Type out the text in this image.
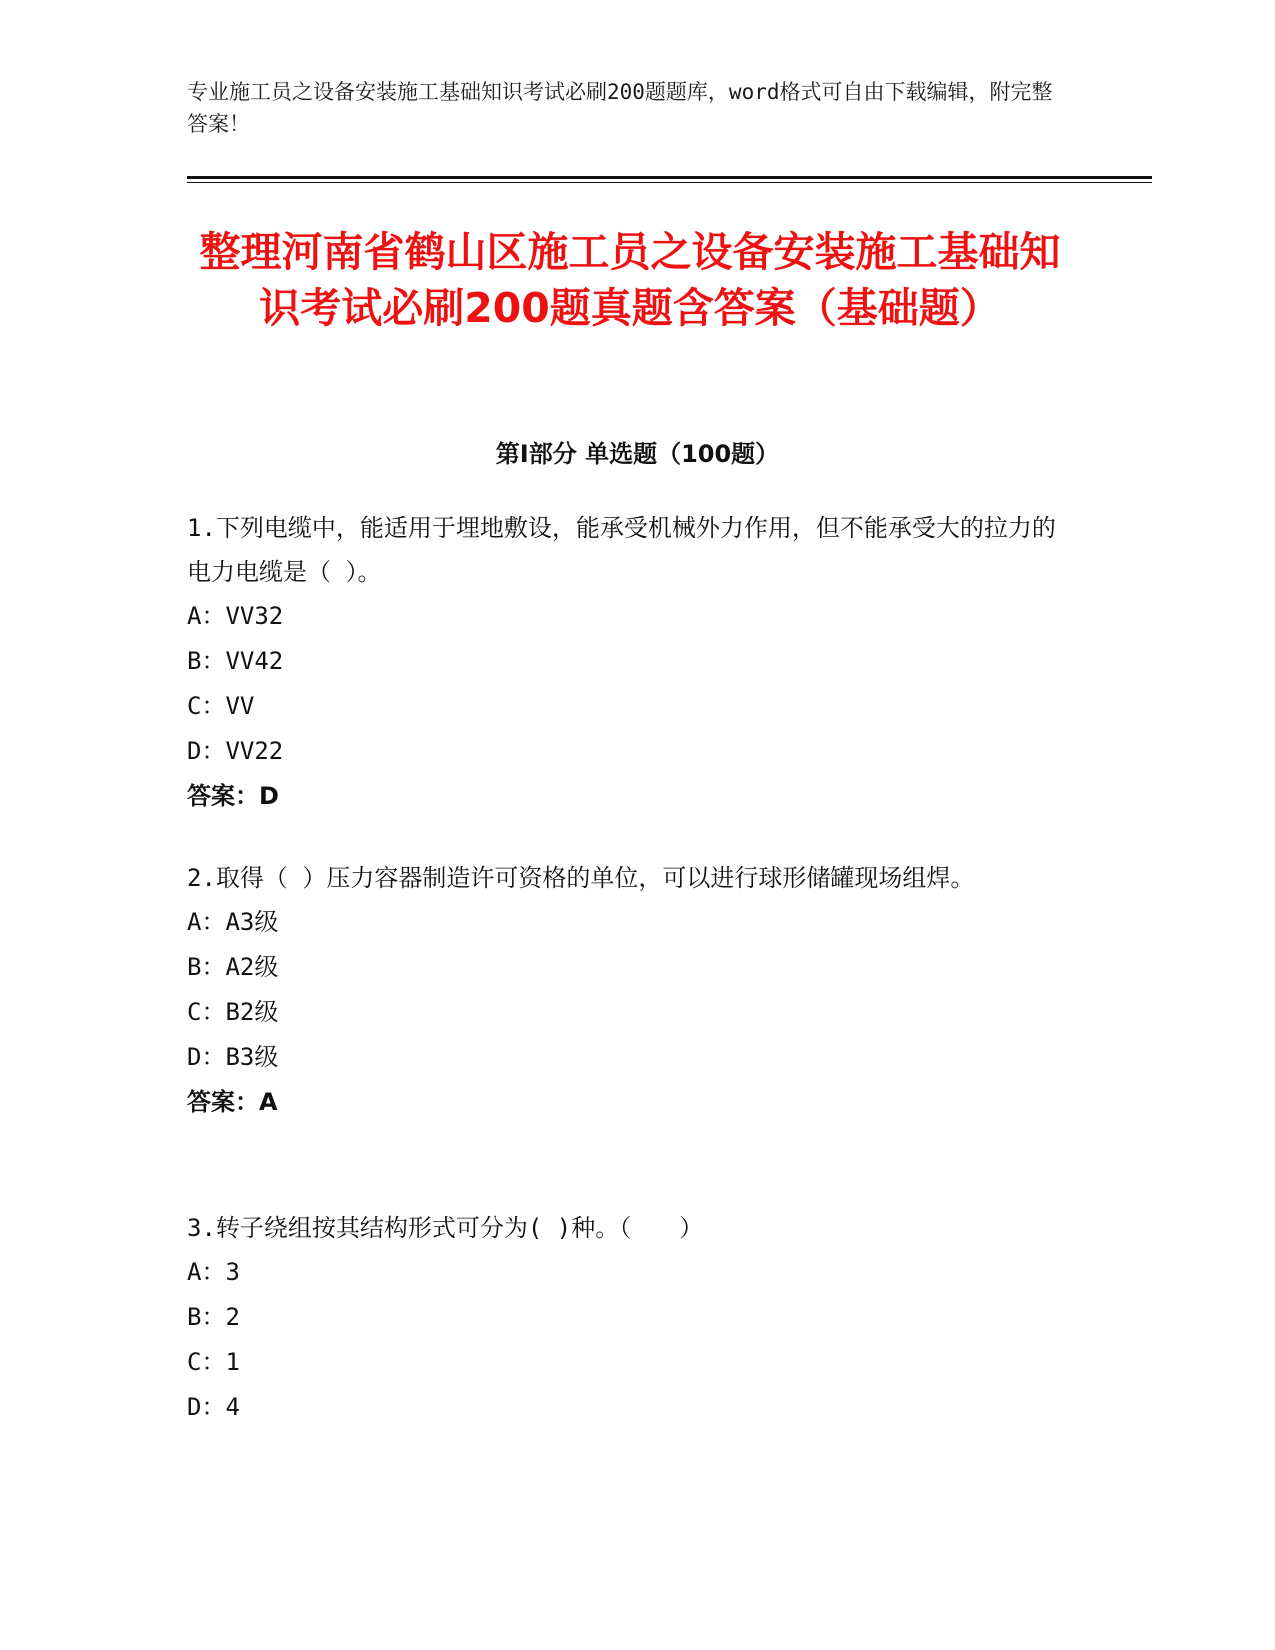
专业施工员之设备安装施工基础知识考试必刷200题题库，word格式可自由下载编辑，附完整答案！
整理河南省鹤山区施工员之设备安装施工基础知识考试必刷200题真题含答案（基础题）
第Ⅰ部分 单选题（100题）

1.下列电缆中，能适用于埋地敷设，能承受机械外力作用，但不能承受大的拉力的电力电缆是（ ）。

A：VV32

B：VV42

C：VV

D：VV22

答案：D

2.取得（ ）压力容器制造许可资格的单位，可以进行球形储罐现场组焊。

A：A3级

B：A2级

C：B2级

D：B3级

答案：A

3.转子绕组按其结构形式可分为( )种。（　　）

A：3

B：2

C：1

D：4
